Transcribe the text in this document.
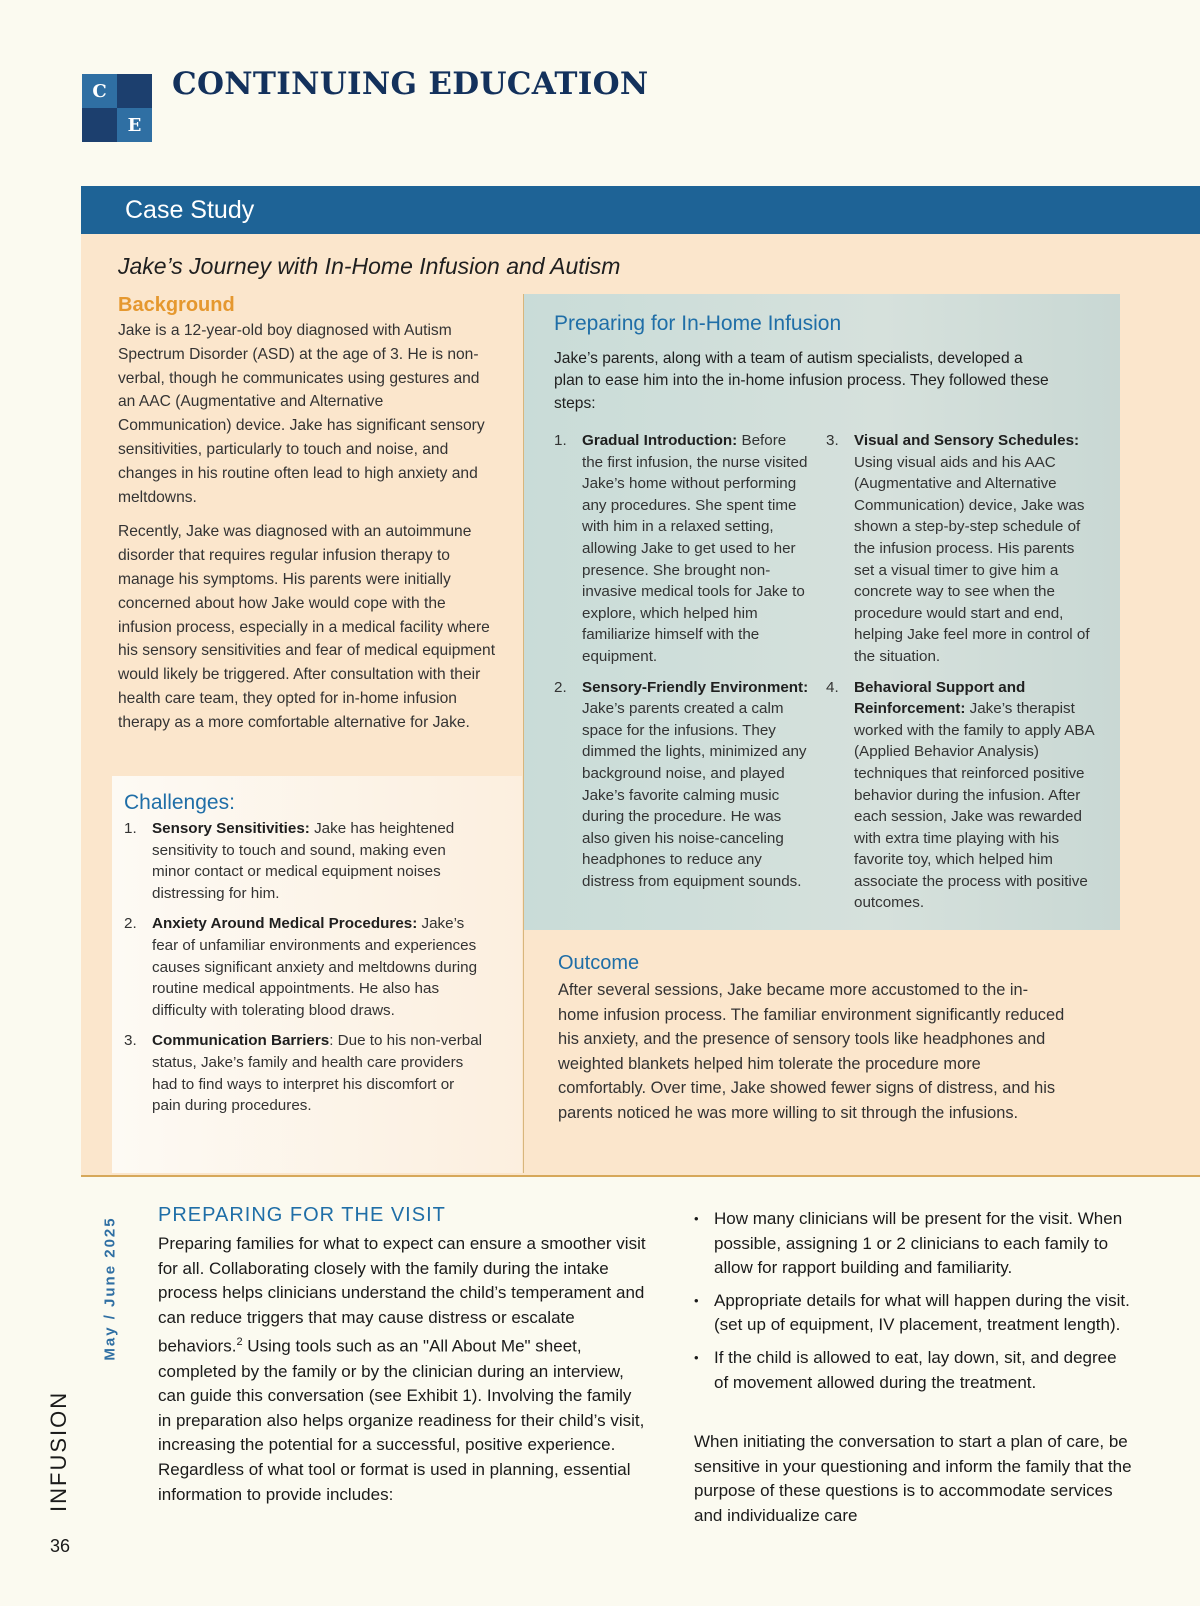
C
E
CONTINUING EDUCATION
Case Study
Jake’s Journey with In-Home Infusion and Autism
Background

Jake is a 12-year-old boy diagnosed with Autism Spectrum Disorder (ASD) at the age of 3. He is non-verbal, though he communicates using gestures and an AAC (Augmentative and Alternative Communication) device. Jake has significant sensory sensitivities, particularly to touch and noise, and changes in his routine often lead to high anxiety and meltdowns.

Recently, Jake was diagnosed with an autoimmune disorder that requires regular infusion therapy to manage his symptoms. His parents were initially concerned about how Jake would cope with the infusion process, especially in a medical facility where his sensory sensitivities and fear of medical equipment would likely be triggered. After consultation with their health care team, they opted for in-home infusion therapy as a more comfortable alternative for Jake.

Challenges:
1. Sensory Sensitivities: Jake has heightened sensitivity to touch and sound, making even minor contact or medical equipment noises distressing for him.
2. Anxiety Around Medical Procedures: Jake’s fear of unfamiliar environments and experiences causes significant anxiety and meltdowns during routine medical appointments. He also has difficulty with tolerating blood draws.
3. Communication Barriers: Due to his non-verbal status, Jake’s family and health care providers had to find ways to interpret his discomfort or pain during procedures.
Preparing for In-Home Infusion

Jake’s parents, along with a team of autism specialists, developed a plan to ease him into the in-home infusion process. They followed these steps:

1. Gradual Introduction: Before the first infusion, the nurse visited Jake’s home without performing any procedures. She spent time with him in a relaxed setting, allowing Jake to get used to her presence. She brought non-invasive medical tools for Jake to explore, which helped him familiarize himself with the equipment.
2. Sensory-Friendly Environment: Jake’s parents created a calm space for the infusions. They dimmed the lights, minimized any background noise, and played Jake’s favorite calming music during the procedure. He was also given his noise-canceling headphones to reduce any distress from equipment sounds.
3. Visual and Sensory Schedules: Using visual aids and his AAC (Augmentative and Alternative Communication) device, Jake was shown a step-by-step schedule of the infusion process. His parents set a visual timer to give him a concrete way to see when the procedure would start and end, helping Jake feel more in control of the situation.
4. Behavioral Support and Reinforcement: Jake’s therapist worked with the family to apply ABA (Applied Behavior Analysis) techniques that reinforced positive behavior during the infusion. After each session, Jake was rewarded with extra time playing with his favorite toy, which helped him associate the process with positive outcomes.
Outcome

After several sessions, Jake became more accustomed to the in-home infusion process. The familiar environment significantly reduced his anxiety, and the presence of sensory tools like headphones and weighted blankets helped him tolerate the procedure more comfortably. Over time, Jake showed fewer signs of distress, and his parents noticed he was more willing to sit through the infusions.

PREPARING FOR THE VISIT

Preparing families for what to expect can ensure a smoother visit for all. Collaborating closely with the family during the intake process helps clinicians understand the child’s temperament and can reduce triggers that may cause distress or escalate behaviors.$^2$ Using tools such as an "All About Me" sheet, completed by the family or by the clinician during an interview, can guide this conversation (see Exhibit 1). Involving the family in preparation also helps organize readiness for their child’s visit, increasing the potential for a successful, positive experience. Regardless of what tool or format is used in planning, essential information to provide includes:

• How many clinicians will be present for the visit. When possible, assigning 1 or 2 clinicians to each family to allow for rapport building and familiarity.
• Appropriate details for what will happen during the visit. (set up of equipment, IV placement, treatment length).
• If the child is allowed to eat, lay down, sit, and degree of movement allowed during the treatment.

When initiating the conversation to start a plan of care, be sensitive in your questioning and inform the family that the purpose of these questions is to accommodate services and individualize care

May / June 2025
INFUSION
36
